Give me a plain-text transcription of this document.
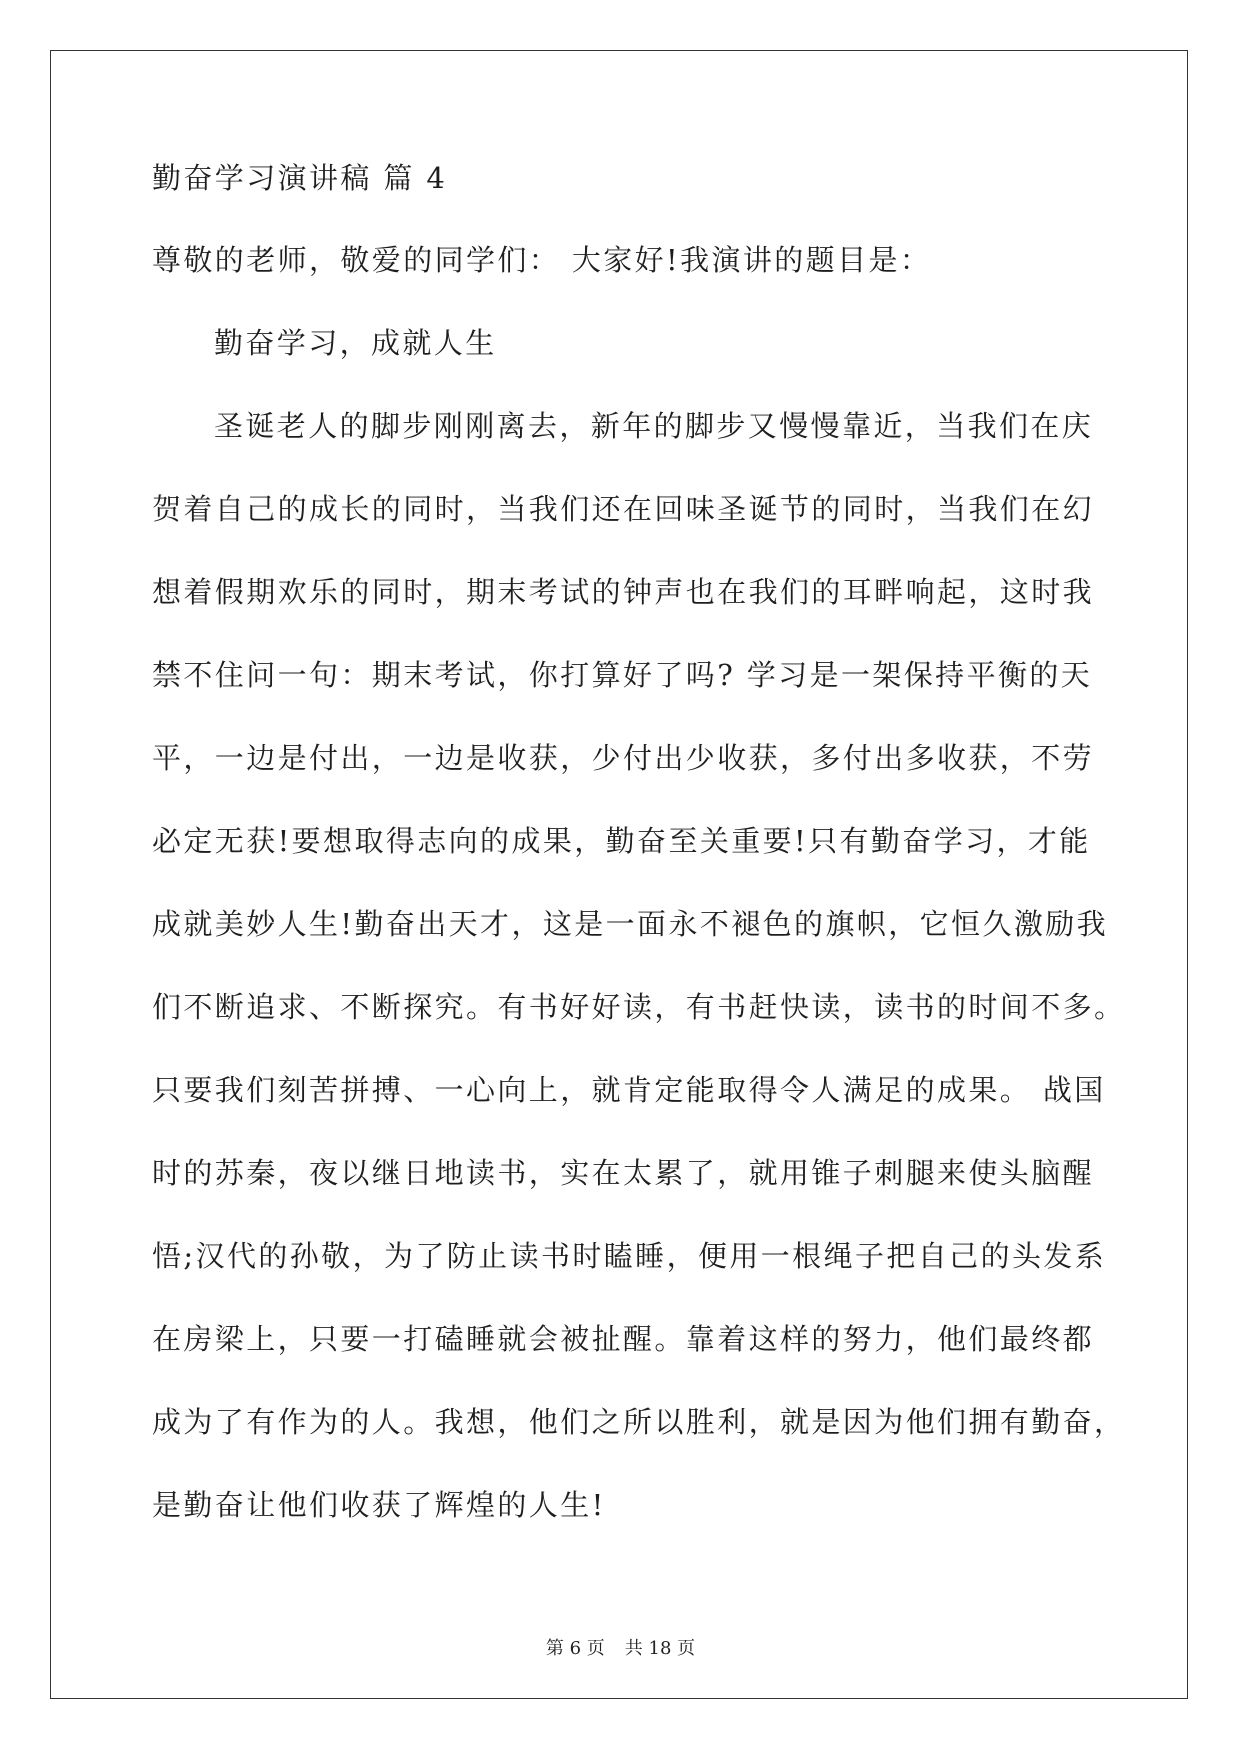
勤奋学习演讲稿 篇 4
尊敬的老师，敬爱的同学们： 大家好!我演讲的题目是：
勤奋学习，成就人生
圣诞老人的脚步刚刚离去，新年的脚步又慢慢靠近，当我们在庆
贺着自己的成长的同时，当我们还在回味圣诞节的同时，当我们在幻
想着假期欢乐的同时，期末考试的钟声也在我们的耳畔响起，这时我
禁不住问一句：期末考试，你打算好了吗? 学习是一架保持平衡的天
平，一边是付出，一边是收获，少付出少收获，多付出多收获，不劳
必定无获!要想取得志向的成果，勤奋至关重要!只有勤奋学习，才能
成就美妙人生!勤奋出天才，这是一面永不褪色的旗帜，它恒久激励我
们不断追求、不断探究。有书好好读，有书赶快读，读书的时间不多。
只要我们刻苦拼搏、一心向上，就肯定能取得令人满足的成果。 战国
时的苏秦，夜以继日地读书，实在太累了，就用锥子刺腿来使头脑醒
悟;汉代的孙敬，为了防止读书时瞌睡，便用一根绳子把自己的头发系
在房梁上，只要一打磕睡就会被扯醒。靠着这样的努力，他们最终都
成为了有作为的人。我想，他们之所以胜利，就是因为他们拥有勤奋，
是勤奋让他们收获了辉煌的人生!
第 6 页 共 18 页
